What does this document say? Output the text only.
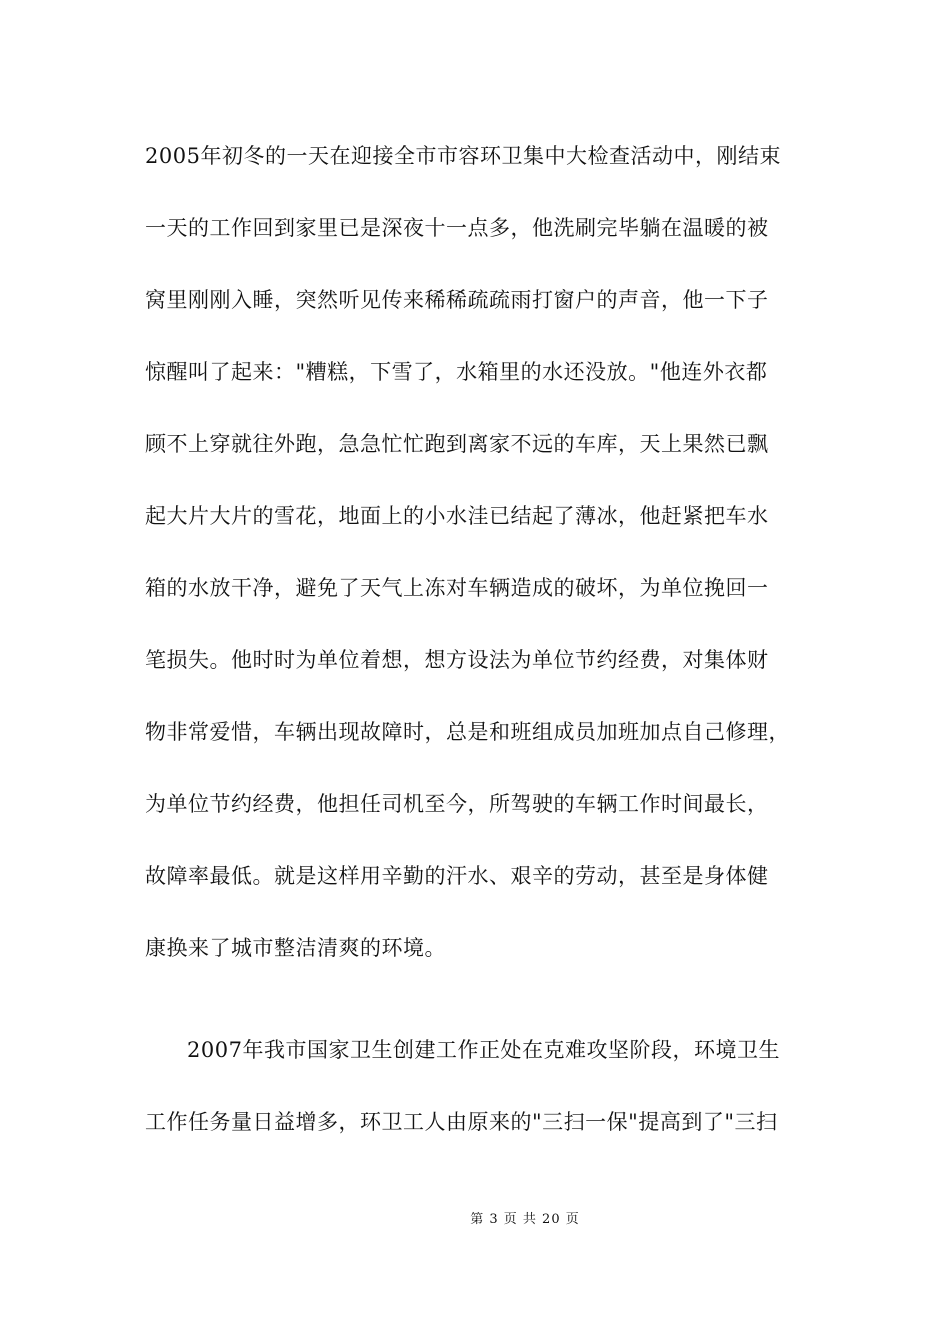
2005年初冬的一天在迎接全市市容环卫集中大检查活动中，刚结束
一天的工作回到家里已是深夜十一点多，他洗刷完毕躺在温暖的被
窝里刚刚入睡，突然听见传来稀稀疏疏雨打窗户的声音，他一下子
惊醒叫了起来："糟糕，下雪了，水箱里的水还没放。"他连外衣都
顾不上穿就往外跑，急急忙忙跑到离家不远的车库，天上果然已飘
起大片大片的雪花，地面上的小水洼已结起了薄冰，他赶紧把车水
箱的水放干净，避免了天气上冻对车辆造成的破坏，为单位挽回一
笔损失。他时时为单位着想，想方设法为单位节约经费，对集体财
物非常爱惜，车辆出现故障时，总是和班组成员加班加点自己修理，
为单位节约经费，他担任司机至今，所驾驶的车辆工作时间最长，
故障率最低。就是这样用辛勤的汗水、艰辛的劳动，甚至是身体健
康换来了城市整洁清爽的环境。
2007年我市国家卫生创建工作正处在克难攻坚阶段，环境卫生
工作任务量日益增多，环卫工人由原来的"三扫一保"提高到了"三扫
第 3 页 共 20 页
